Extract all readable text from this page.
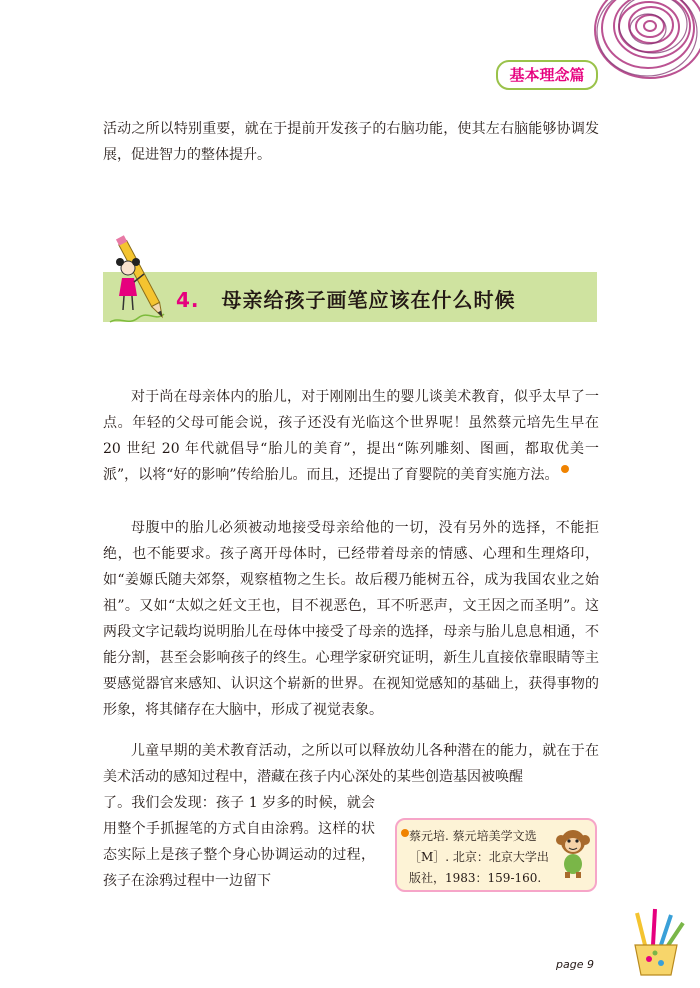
基本理念篇

活动之所以特别重要，就在于提前开发孩子的右脑功能，使其左右脑能够协调发展，促进智力的整体提升。

4. 母亲给孩子画笔应该在什么时候

对于尚在母亲体内的胎儿，对于刚刚出生的婴儿谈美术教育，似乎太早了一点。年轻的父母可能会说，孩子还没有光临这个世界呢！虽然蔡元培先生早在 20 世纪 20 年代就倡导“胎儿的美育”，提出“陈列雕刻、图画，都取优美一派”，以将“好的影响”传给胎儿。而且，还提出了育婴院的美育实施方法。

母腹中的胎儿必须被动地接受母亲给他的一切，没有另外的选择，不能拒绝，也不能要求。孩子离开母体时，已经带着母亲的情感、心理和生理烙印，如“姜嫄氏随夫郊祭，观察植物之生长。故后稷乃能树五谷，成为我国农业之始祖”。又如“太姒之妊文王也，目不视恶色，耳不听恶声，文王因之而圣明”。这两段文字记载均说明胎儿在母体中接受了母亲的选择，母亲与胎儿息息相通，不能分割，甚至会影响孩子的终生。心理学家研究证明，新生儿直接依靠眼睛等主要感觉器官来感知、认识这个崭新的世界。在视知觉感知的基础上，获得事物的形象，将其储存在大脑中，形成了视觉表象。

儿童早期的美术教育活动，之所以可以释放幼儿各种潜在的能力，就在于在美术活动的感知过程中，潜藏在孩子内心深处的某些创造基因被唤醒

了。我们会发现：孩子 1 岁多的时候，就会用整个手抓握笔的方式自由涂鸦。这样的状态实际上是孩子整个身心协调运动的过程，孩子在涂鸦过程中一边留下

蔡元培. 蔡元培美学文选［M］. 北京：北京大学出版社，1983：159-160.

page 9
